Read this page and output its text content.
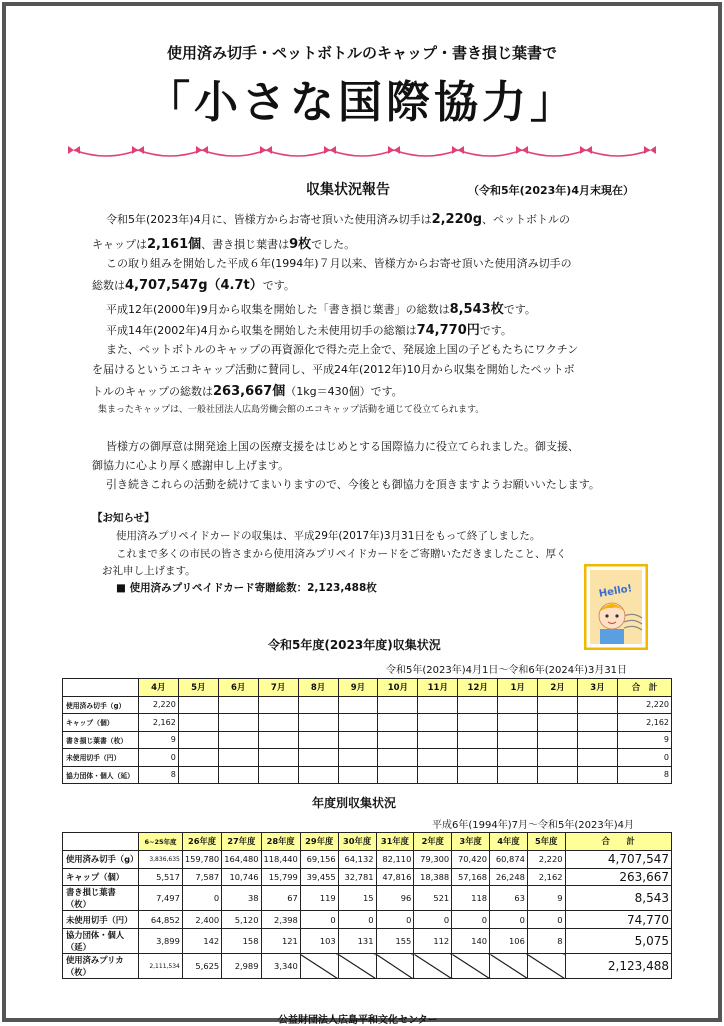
使用済み切手・ペットボトルのキャップ・書き損じ葉書で
「小さな国際協力」
収集状況報告	（令和5年(2023年)4月末現在）
令和5年(2023年)4月に、皆様方からお寄せ頂いた使用済み切手は2,220g、ペットボトルの
キャップは2,161個、書き損じ葉書は9枚でした。
この取り組みを開始した平成６年(1994年)７月以来、皆様方からお寄せ頂いた使用済み切手の
総数は4,707,547g（4.7t）です。
平成12年(2000年)9月から収集を開始した「書き損じ葉書」の総数は8,543枚です。
平成14年(2002年)4月から収集を開始した未使用切手の総額は74,770円です。
また、ペットボトルのキャップの再資源化で得た売上金で、発展途上国の子どもたちにワクチン
を届けるというエコキャップ活動に賛同し、平成24年(2012年)10月から収集を開始したペットボ
トルのキャップの総数は263,667個（1kg＝430個）です。
集まったキャップは、一般社団法人広島労働会館のエコキャップ活動を通じて役立てられます。
皆様方の御厚意は開発途上国の医療支援をはじめとする国際協力に役立てられました。御支援、
御協力に心より厚く感謝申し上げます。
引き続きこれらの活動を続けてまいりますので、今後とも御協力を頂きますようお願いいたします。
【お知らせ】
使用済みプリペイドカードの収集は、平成29年(2017年)3月31日をもって終了しました。
これまで多くの市民の皆さまから使用済みプリペイドカードをご寄贈いただきましたこと、厚く
お礼申し上げます。
■ 使用済みプリペイドカード寄贈総数：2,123,488枚	Hello!
令和5年度(2023年度)収集状況
令和5年(2023年)4月1日～令和6年(2024年)3月31日
	4月	5月	6月	7月	8月	9月	10月	11月	12月	1月	2月	3月	合　計
使用済み切手（g）	2,220												2,220
キャップ（個）	2,162												2,162
書き損じ葉書（枚）	9												9
未使用切手（円）	0												0
協力団体・個人（延）	8												8
年度別収集状況
平成6年(1994年)7月～令和5年(2023年)4月
	6~25年度	26年度	27年度	28年度	29年度	30年度	31年度	2年度	3年度	4年度	5年度	合　　計
使用済み切手（g）	3,836,635	159,780	164,480	118,440	69,156	64,132	82,110	79,300	70,420	60,874	2,220	4,707,547
キャップ（個）	5,517	7,587	10,746	15,799	39,455	32,781	47,816	18,388	57,168	26,248	2,162	263,667
書き損じ葉書（枚）	7,497	0	38	67	119	15	96	521	118	63	9	8,543
未使用切手（円）	64,852	2,400	5,120	2,398	0	0	0	0	0	0	0	74,770
協力団体・個人（延）	3,899	142	158	121	103	131	155	112	140	106	8	5,075
使用済みプリカ（枚）	2,111,534	5,625	2,989	3,340								2,123,488
公益財団法人広島平和文化センター
